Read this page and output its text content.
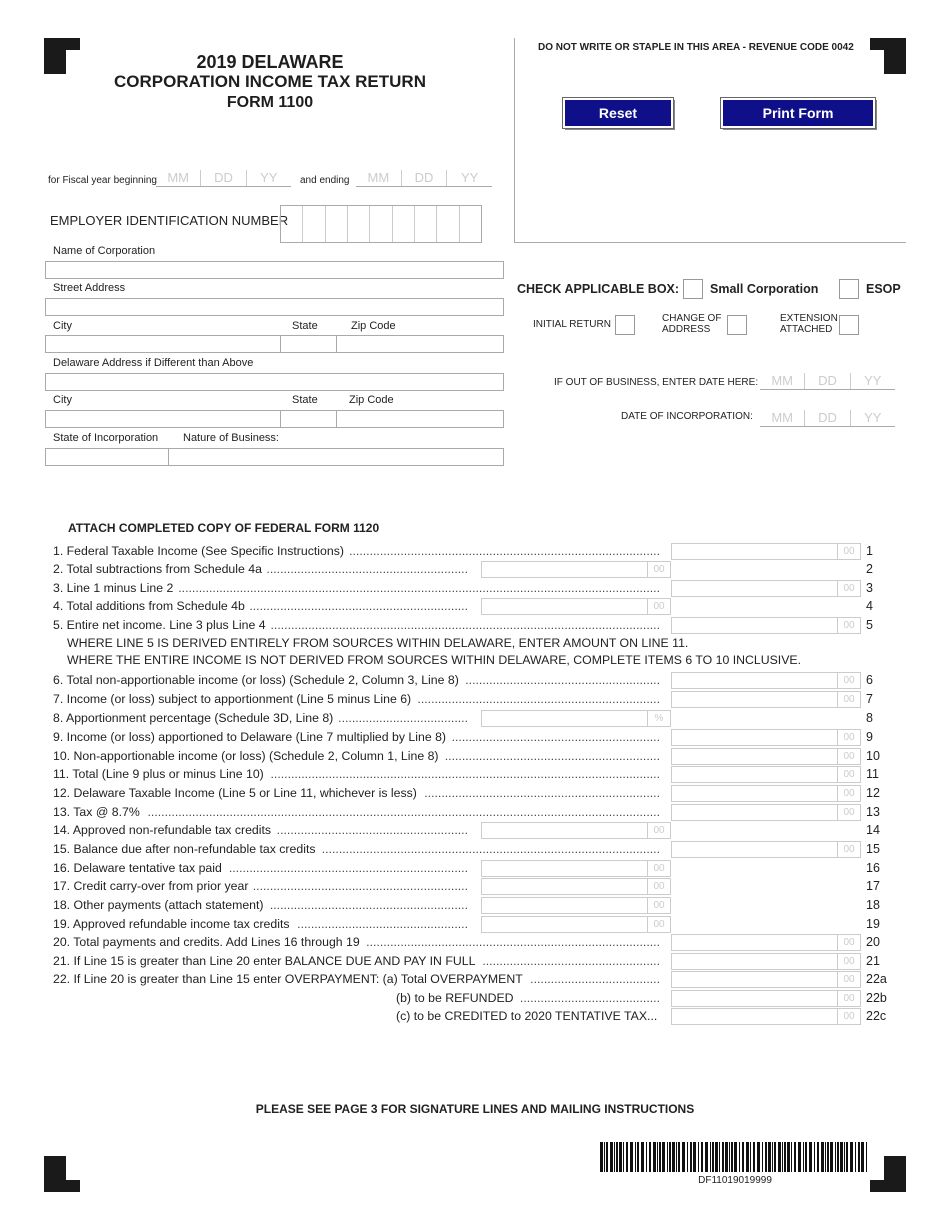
2019 DELAWARE
CORPORATION INCOME TAX RETURN
FORM 1100
DO NOT WRITE OR STAPLE IN THIS AREA - REVENUE CODE 0042
Reset	Print Form
for Fiscal year beginning MM	DD	YY	and ending	MM	DD	YY
EMPLOYER IDENTIFICATION NUMBER
Name of Corporation
Street Address
City	State	Zip Code
Delaware Address if Different than Above
City	State	Zip Code
State of Incorporation Nature of Business:
CHECK APPLICABLE BOX: Small Corporation	ESOP
INITIAL RETURN
CHANGE OF
ADDRESS
EXTENSION
ATTACHED
IF OUT OF BUSINESS, ENTER DATE HERE:	MM	DD	YY
DATE OF INCORPORATION:	MM	DD	YY
ATTACH COMPLETED COPY OF FEDERAL FORM 1120
WHERE LINE 5 IS DERIVED ENTIRELY FROM SOURCES WITHIN DELAWARE, ENTER AMOUNT ON LINE 11.
WHERE THE ENTIRE INCOME IS NOT DERIVED FROM SOURCES WITHIN DELAWARE, COMPLETE ITEMS 6 TO 10 INCLUSIVE.
1. Federal Taxable Income (See Specific Instructions) ...........................................................................................	00 1
2. Total subtractions from Schedule 4a ...........................................................	00	2
3. Line 1 minus Line 2 .............................................................................................................................................	00 3
4. Total additions from Schedule 4b ................................................................	00	4
5. Entire net income. Line 3 plus Line 4 ..................................................................................................................	00 5
6. Total non-apportionable income (or loss) (Schedule 2, Column 3, Line 8) .........................................................	00 6
7. Income (or loss) subject to apportionment (Line 5 minus Line 6) .......................................................................	00 7
8. Apportionment percentage (Schedule 3D, Line 8) ......................................	%	8
9. Income (or loss) apportioned to Delaware (Line 7 multiplied by Line 8) .............................................................	00 9
10. Non-apportionable income (or loss) (Schedule 2, Column 1, Line 8) ...............................................................	00 10
11. Total (Line 9 plus or minus Line 10) ..................................................................................................................	00 11
12. Delaware Taxable Income (Line 5 or Line 11, whichever is less) .....................................................................	00 12
13. Tax @ 8.7% ......................................................................................................................................................	00 13
14. Approved non-refundable tax credits ........................................................	00	14
15. Balance due after non-refundable tax credits ...................................................................................................	00 15
16. Delaware tentative tax paid ......................................................................	00	16
17. Credit carry-over from prior year ...............................................................	00	17
18. Other payments (attach statement) ..........................................................	00	18
19. Approved refundable income tax credits ..................................................	00	19
20. Total payments and credits. Add Lines 16 through 19 ......................................................................................	00 20
21. If Line 15 is greater than Line 20 enter BALANCE DUE AND PAY IN FULL ....................................................	00 21
22. If Line 20 is greater than Line 15 enter OVERPAYMENT: (a) Total OVERPAYMENT ......................................	00 22a
(b) to be REFUNDED .........................................	00 22b
(c) to be CREDITED to 2020 TENTATIVE TAX...	00 22c
PLEASE SEE PAGE 3 FOR SIGNATURE LINES AND MAILING INSTRUCTIONS
DF11019019999
